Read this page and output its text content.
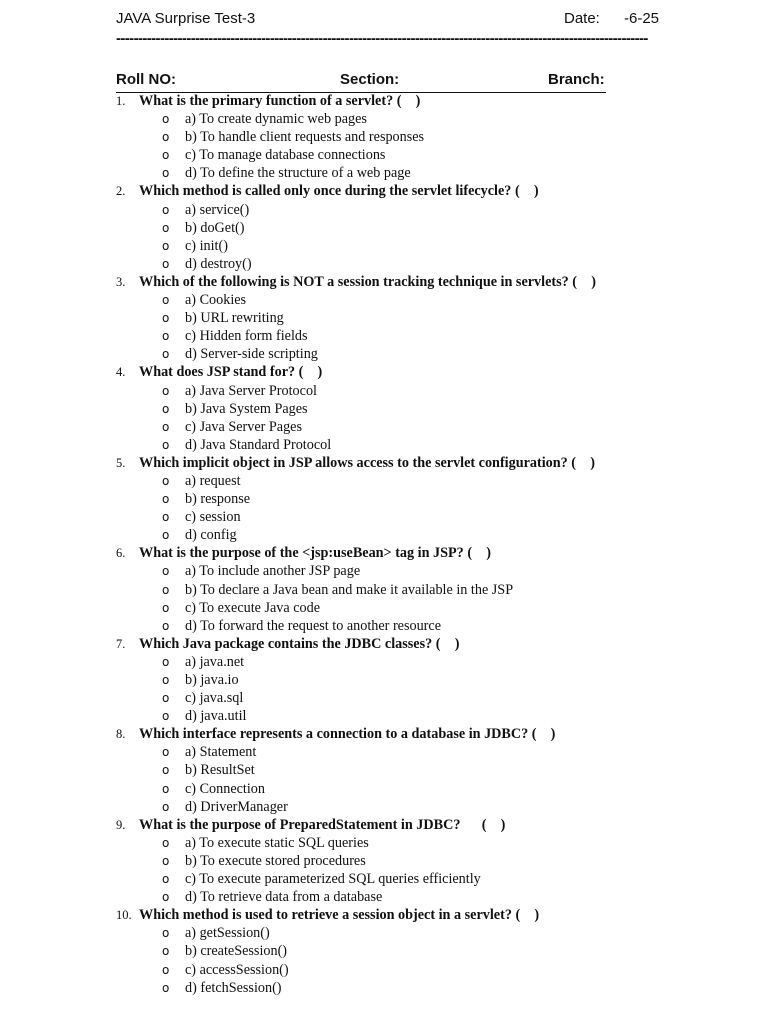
JAVA Surprise Test-3	Date: -6-25
-------------------------------------------------------------------------------------------------------------------------
Roll NO:	Section:	Branch:
1. What is the primary function of a servlet? (    )
o a) To create dynamic web pages
o b) To handle client requests and responses
o c) To manage database connections
o d) To define the structure of a web page
2. Which method is called only once during the servlet lifecycle? (    )
o a) service()
o b) doGet()
o c) init()
o d) destroy()
3. Which of the following is NOT a session tracking technique in servlets? (    )
o a) Cookies
o b) URL rewriting
o c) Hidden form fields
o d) Server-side scripting
4. What does JSP stand for? (    )
o a) Java Server Protocol
o b) Java System Pages
o c) Java Server Pages
o d) Java Standard Protocol
5. Which implicit object in JSP allows access to the servlet configuration? (    )
o a) request
o b) response
o c) session
o d) config
6. What is the purpose of the <jsp:useBean> tag in JSP? (    )
o a) To include another JSP page
o b) To declare a Java bean and make it available in the JSP
o c) To execute Java code
o d) To forward the request to another resource
7. Which Java package contains the JDBC classes? (    )
o a) java.net
o b) java.io
o c) java.sql
o d) java.util
8. Which interface represents a connection to a database in JDBC? (    )
o a) Statement
o b) ResultSet
o c) Connection
o d) DriverManager
9. What is the purpose of PreparedStatement in JDBC?      (    )
o a) To execute static SQL queries
o b) To execute stored procedures
o c) To execute parameterized SQL queries efficiently
o d) To retrieve data from a database
10. Which method is used to retrieve a session object in a servlet? (    )
o a) getSession()
o b) createSession()
o c) accessSession()
o d) fetchSession()
